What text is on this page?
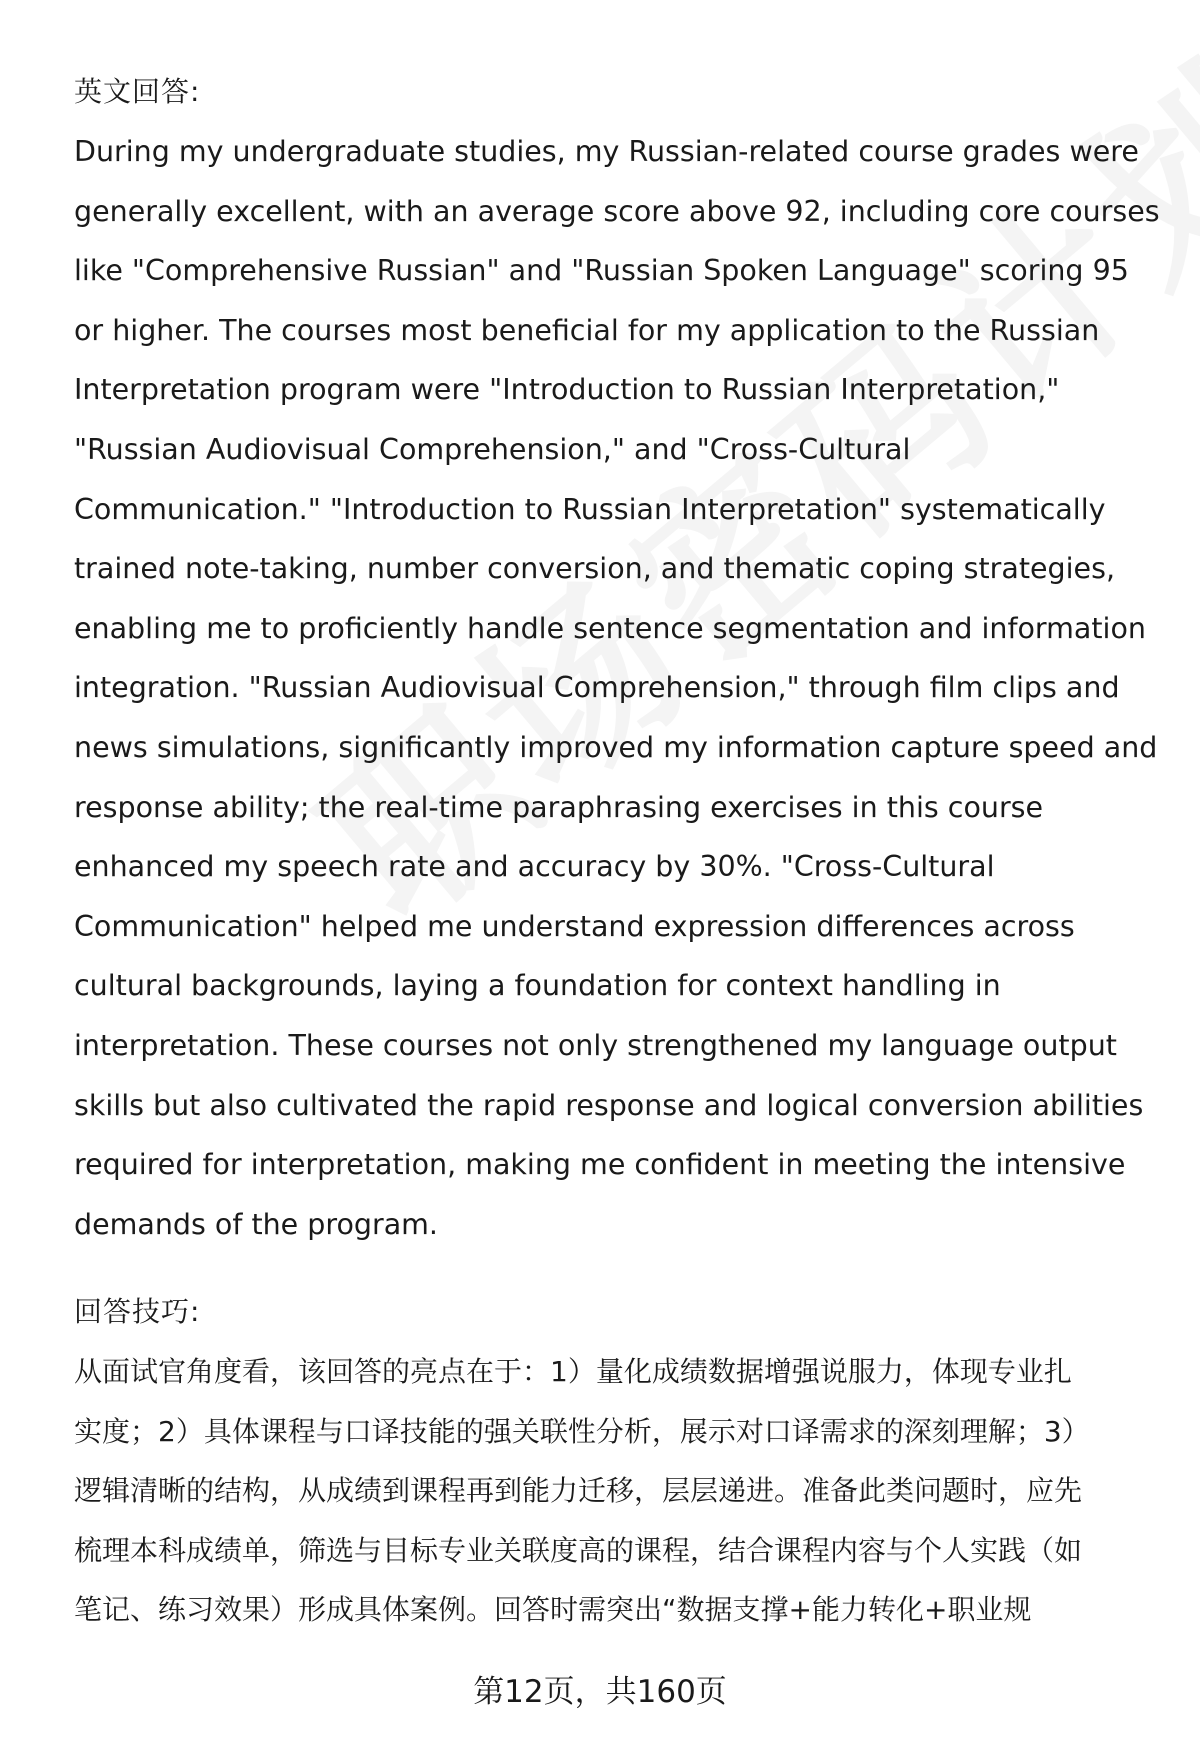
英文回答:

During my undergraduate studies, my Russian-related course grades were
generally excellent, with an average score above 92, including core courses
like "Comprehensive Russian" and "Russian Spoken Language" scoring 95
or higher. The courses most beneficial for my application to the Russian
Interpretation program were "Introduction to Russian Interpretation,"
"Russian Audiovisual Comprehension," and "Cross-Cultural
Communication." "Introduction to Russian Interpretation" systematically
trained note-taking, number conversion, and thematic coping strategies,
enabling me to proficiently handle sentence segmentation and information
integration. "Russian Audiovisual Comprehension," through film clips and
news simulations, significantly improved my information capture speed and
response ability; the real-time paraphrasing exercises in this course
enhanced my speech rate and accuracy by 30%. "Cross-Cultural
Communication" helped me understand expression differences across
cultural backgrounds, laying a foundation for context handling in
interpretation. These courses not only strengthened my language output
skills but also cultivated the rapid response and logical conversion abilities
required for interpretation, making me confident in meeting the intensive
demands of the program.

回答技巧:

从面试官角度看，该回答的亮点在于：1）量化成绩数据增强说服力，体现专业扎
实度；2）具体课程与口译技能的强关联性分析，展示对口译需求的深刻理解；3）
逻辑清晰的结构，从成绩到课程再到能力迁移，层层递进。准备此类问题时，应先
梳理本科成绩单，筛选与目标专业关联度高的课程，结合课程内容与个人实践（如
笔记、练习效果）形成具体案例。回答时需突出“数据支撑+能力转化+职业规

第12页，共160页
